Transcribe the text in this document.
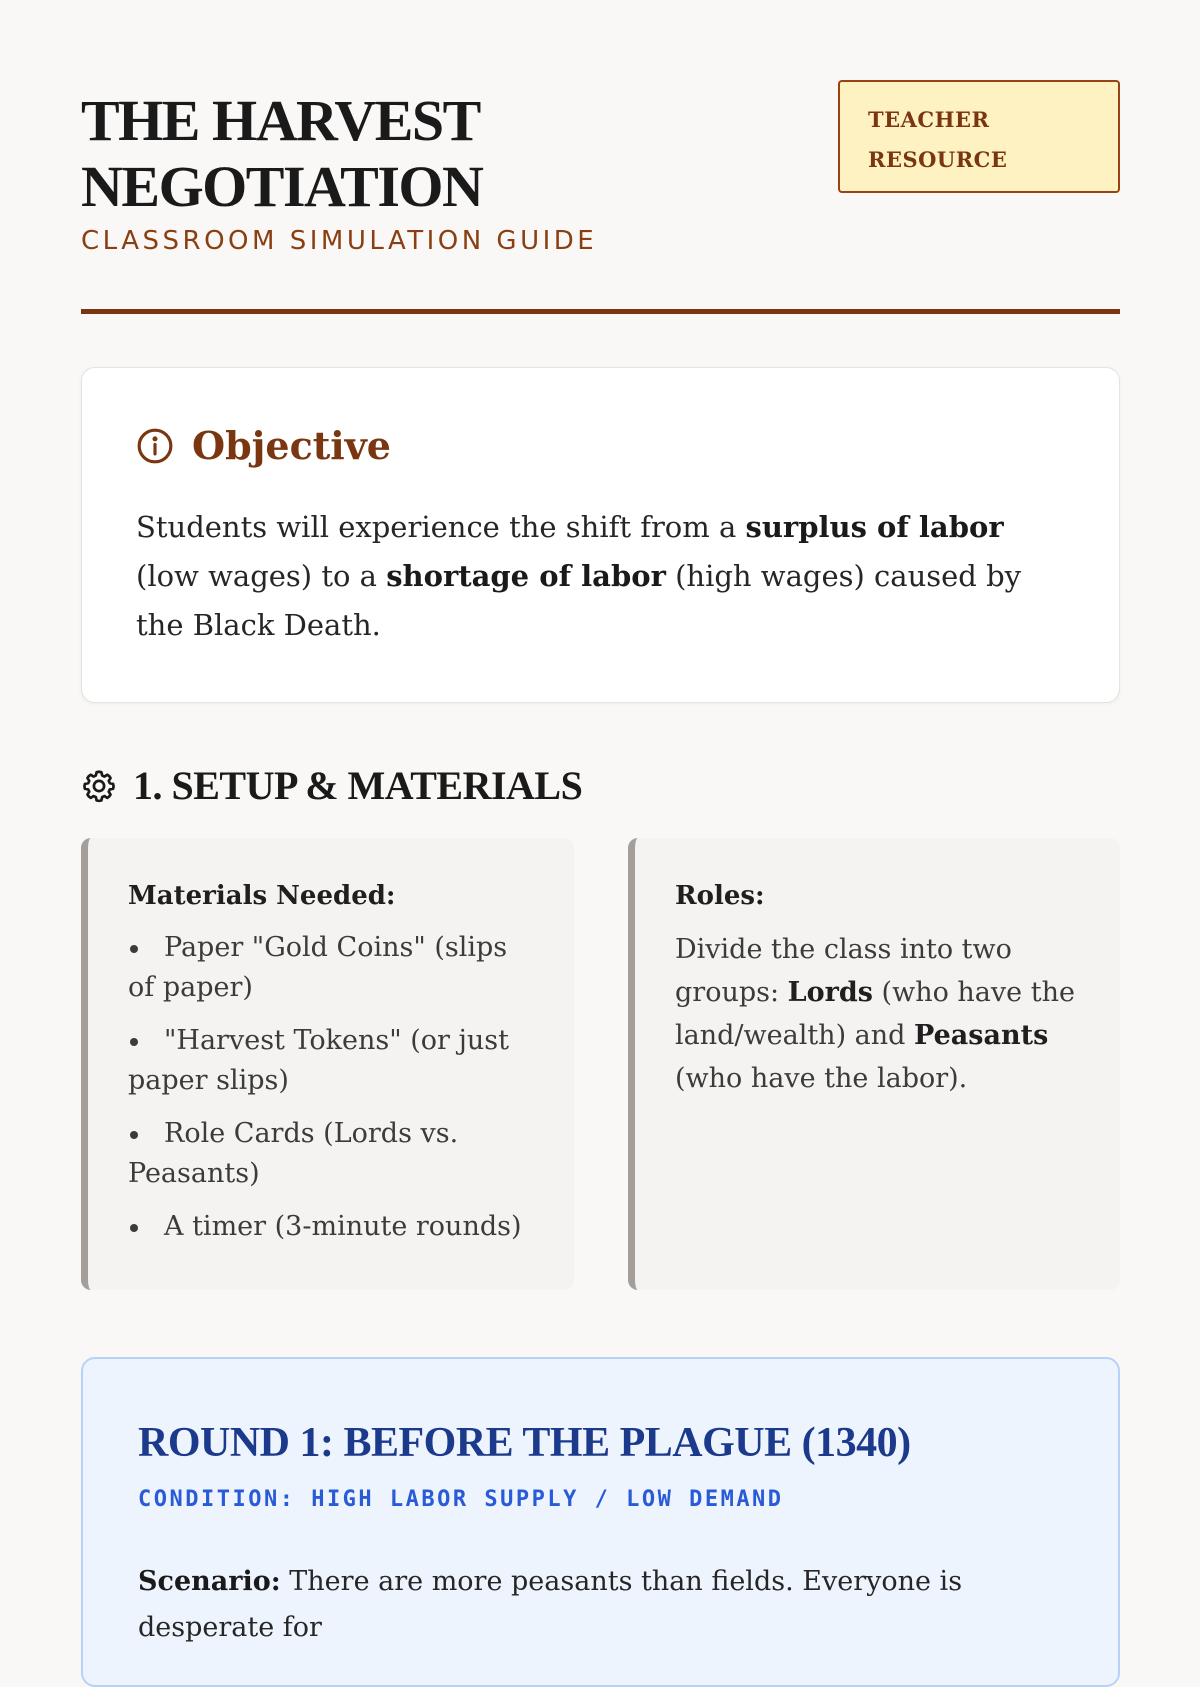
THE HARVEST
NEGOTIATION
CLASSROOM SIMULATION GUIDE
TEACHER
RESOURCE
Objective

Students will experience the shift from a surplus of labor (low wages) to a shortage of labor (high wages) caused by the Black Death.

1. SETUP & MATERIALS
Materials Needed:
Paper "Gold Coins" (slips of paper)
"Harvest Tokens" (or just paper slips)
Role Cards (Lords vs. Peasants)
A timer (3-minute rounds)
Roles:

Divide the class into two groups: Lords (who have the land/wealth) and Peasants (who have the labor).

ROUND 1: BEFORE THE PLAGUE (1340)
CONDITION: HIGH LABOR SUPPLY / LOW DEMAND

Scenario: There are more peasants than fields. Everyone is desperate for
